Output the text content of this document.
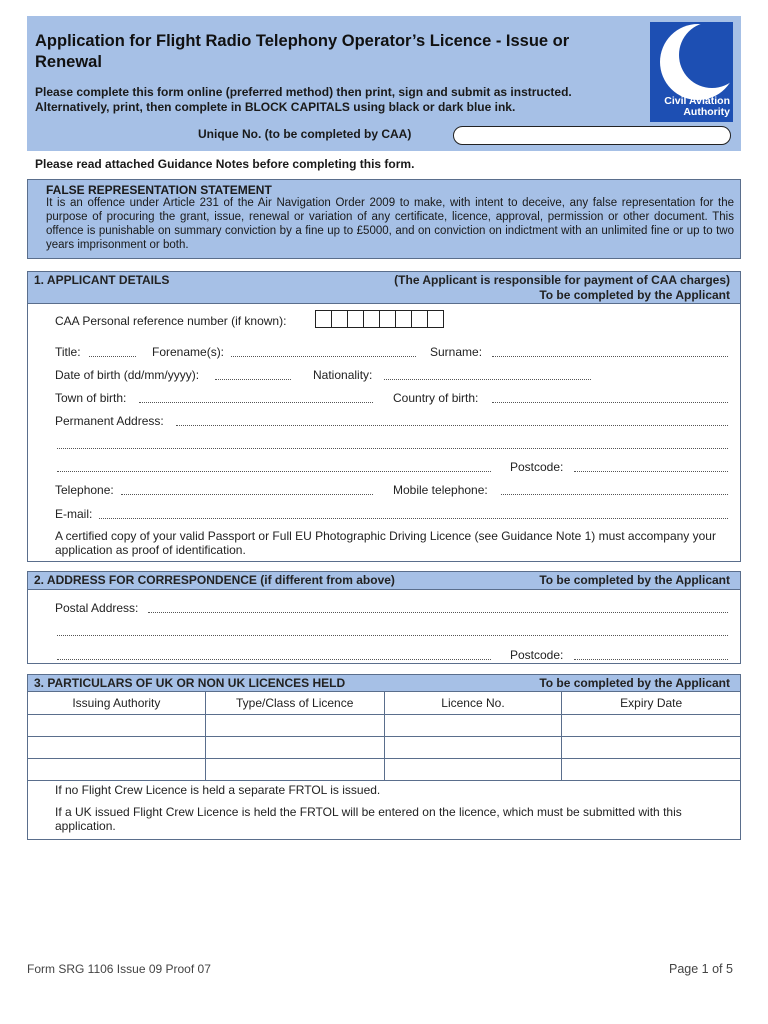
Application for Flight Radio Telephony Operator’s Licence - Issue or Renewal
Please complete this form online (preferred method) then print, sign and submit as instructed.
Alternatively, print, then complete in BLOCK CAPITALS using black or dark blue ink.	Civil Aviation
Authority
Unique No. (to be completed by CAA)
Please read attached Guidance Notes before completing this form.
FALSE REPRESENTATION STATEMENT
It is an offence under Article 231 of the Air Navigation Order 2009 to make, with intent to deceive, any false representation for the purpose of procuring the grant, issue, renewal or variation of any certificate, licence, approval, permission or other document. This offence is punishable on summary conviction by a fine up to £5000, and on conviction on indictment with an unlimited fine or up to two years imprisonment or both.
1. APPLICANT DETAILS	(The Applicant is responsible for payment of CAA charges)
To be completed by the Applicant
CAA Personal reference number (if known):
Title:	Forename(s):	Surname:
Date of birth (dd/mm/yyyy):	Nationality:
Town of birth:	Country of birth:
Permanent Address:
Postcode:
Telephone:	Mobile telephone:
E-mail:
A certified copy of your valid Passport or Full EU Photographic Driving Licence (see Guidance Note 1) must accompany your application as proof of identification.
2. ADDRESS FOR CORRESPONDENCE (if different from above)	To be completed by the Applicant
Postal Address:
Postcode:
3. PARTICULARS OF UK OR NON UK LICENCES HELD	To be completed by the Applicant
Issuing Authority	Type/Class of Licence	Licence No.	Expiry Date

If no Flight Crew Licence is held a separate FRTOL is issued.
If a UK issued Flight Crew Licence is held the FRTOL will be entered on the licence, which must be submitted with this application.
Form SRG 1106 Issue 09 Proof 07	Page 1 of 5
